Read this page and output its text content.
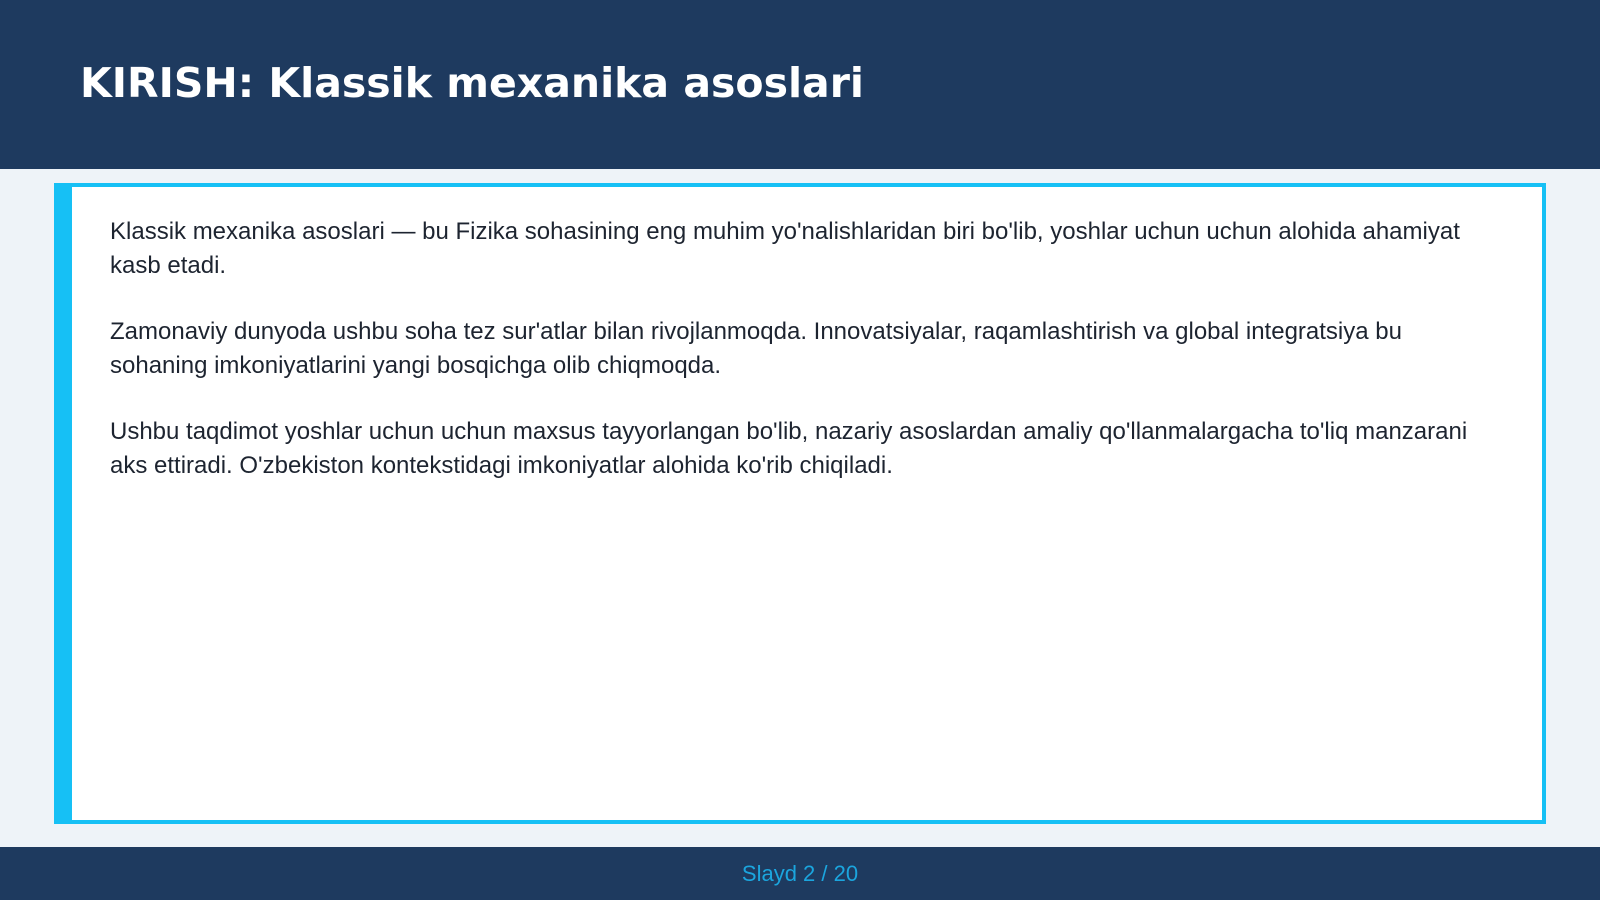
KIRISH: Klassik mexanika asoslari

Klassik mexanika asoslari — bu Fizika sohasining eng muhim yo'nalishlaridan biri bo'lib, yoshlar uchun uchun alohida ahamiyat kasb etadi.

Zamonaviy dunyoda ushbu soha tez sur'atlar bilan rivojlanmoqda. Innovatsiyalar, raqamlashtirish va global integratsiya bu sohaning imkoniyatlarini yangi bosqichga olib chiqmoqda.

Ushbu taqdimot yoshlar uchun uchun maxsus tayyorlangan bo'lib, nazariy asoslardan amaliy qo'llanmalargacha to'liq manzarani aks ettiradi. O'zbekiston kontekstidagi imkoniyatlar alohida ko'rib chiqiladi.

Slayd 2 / 20
